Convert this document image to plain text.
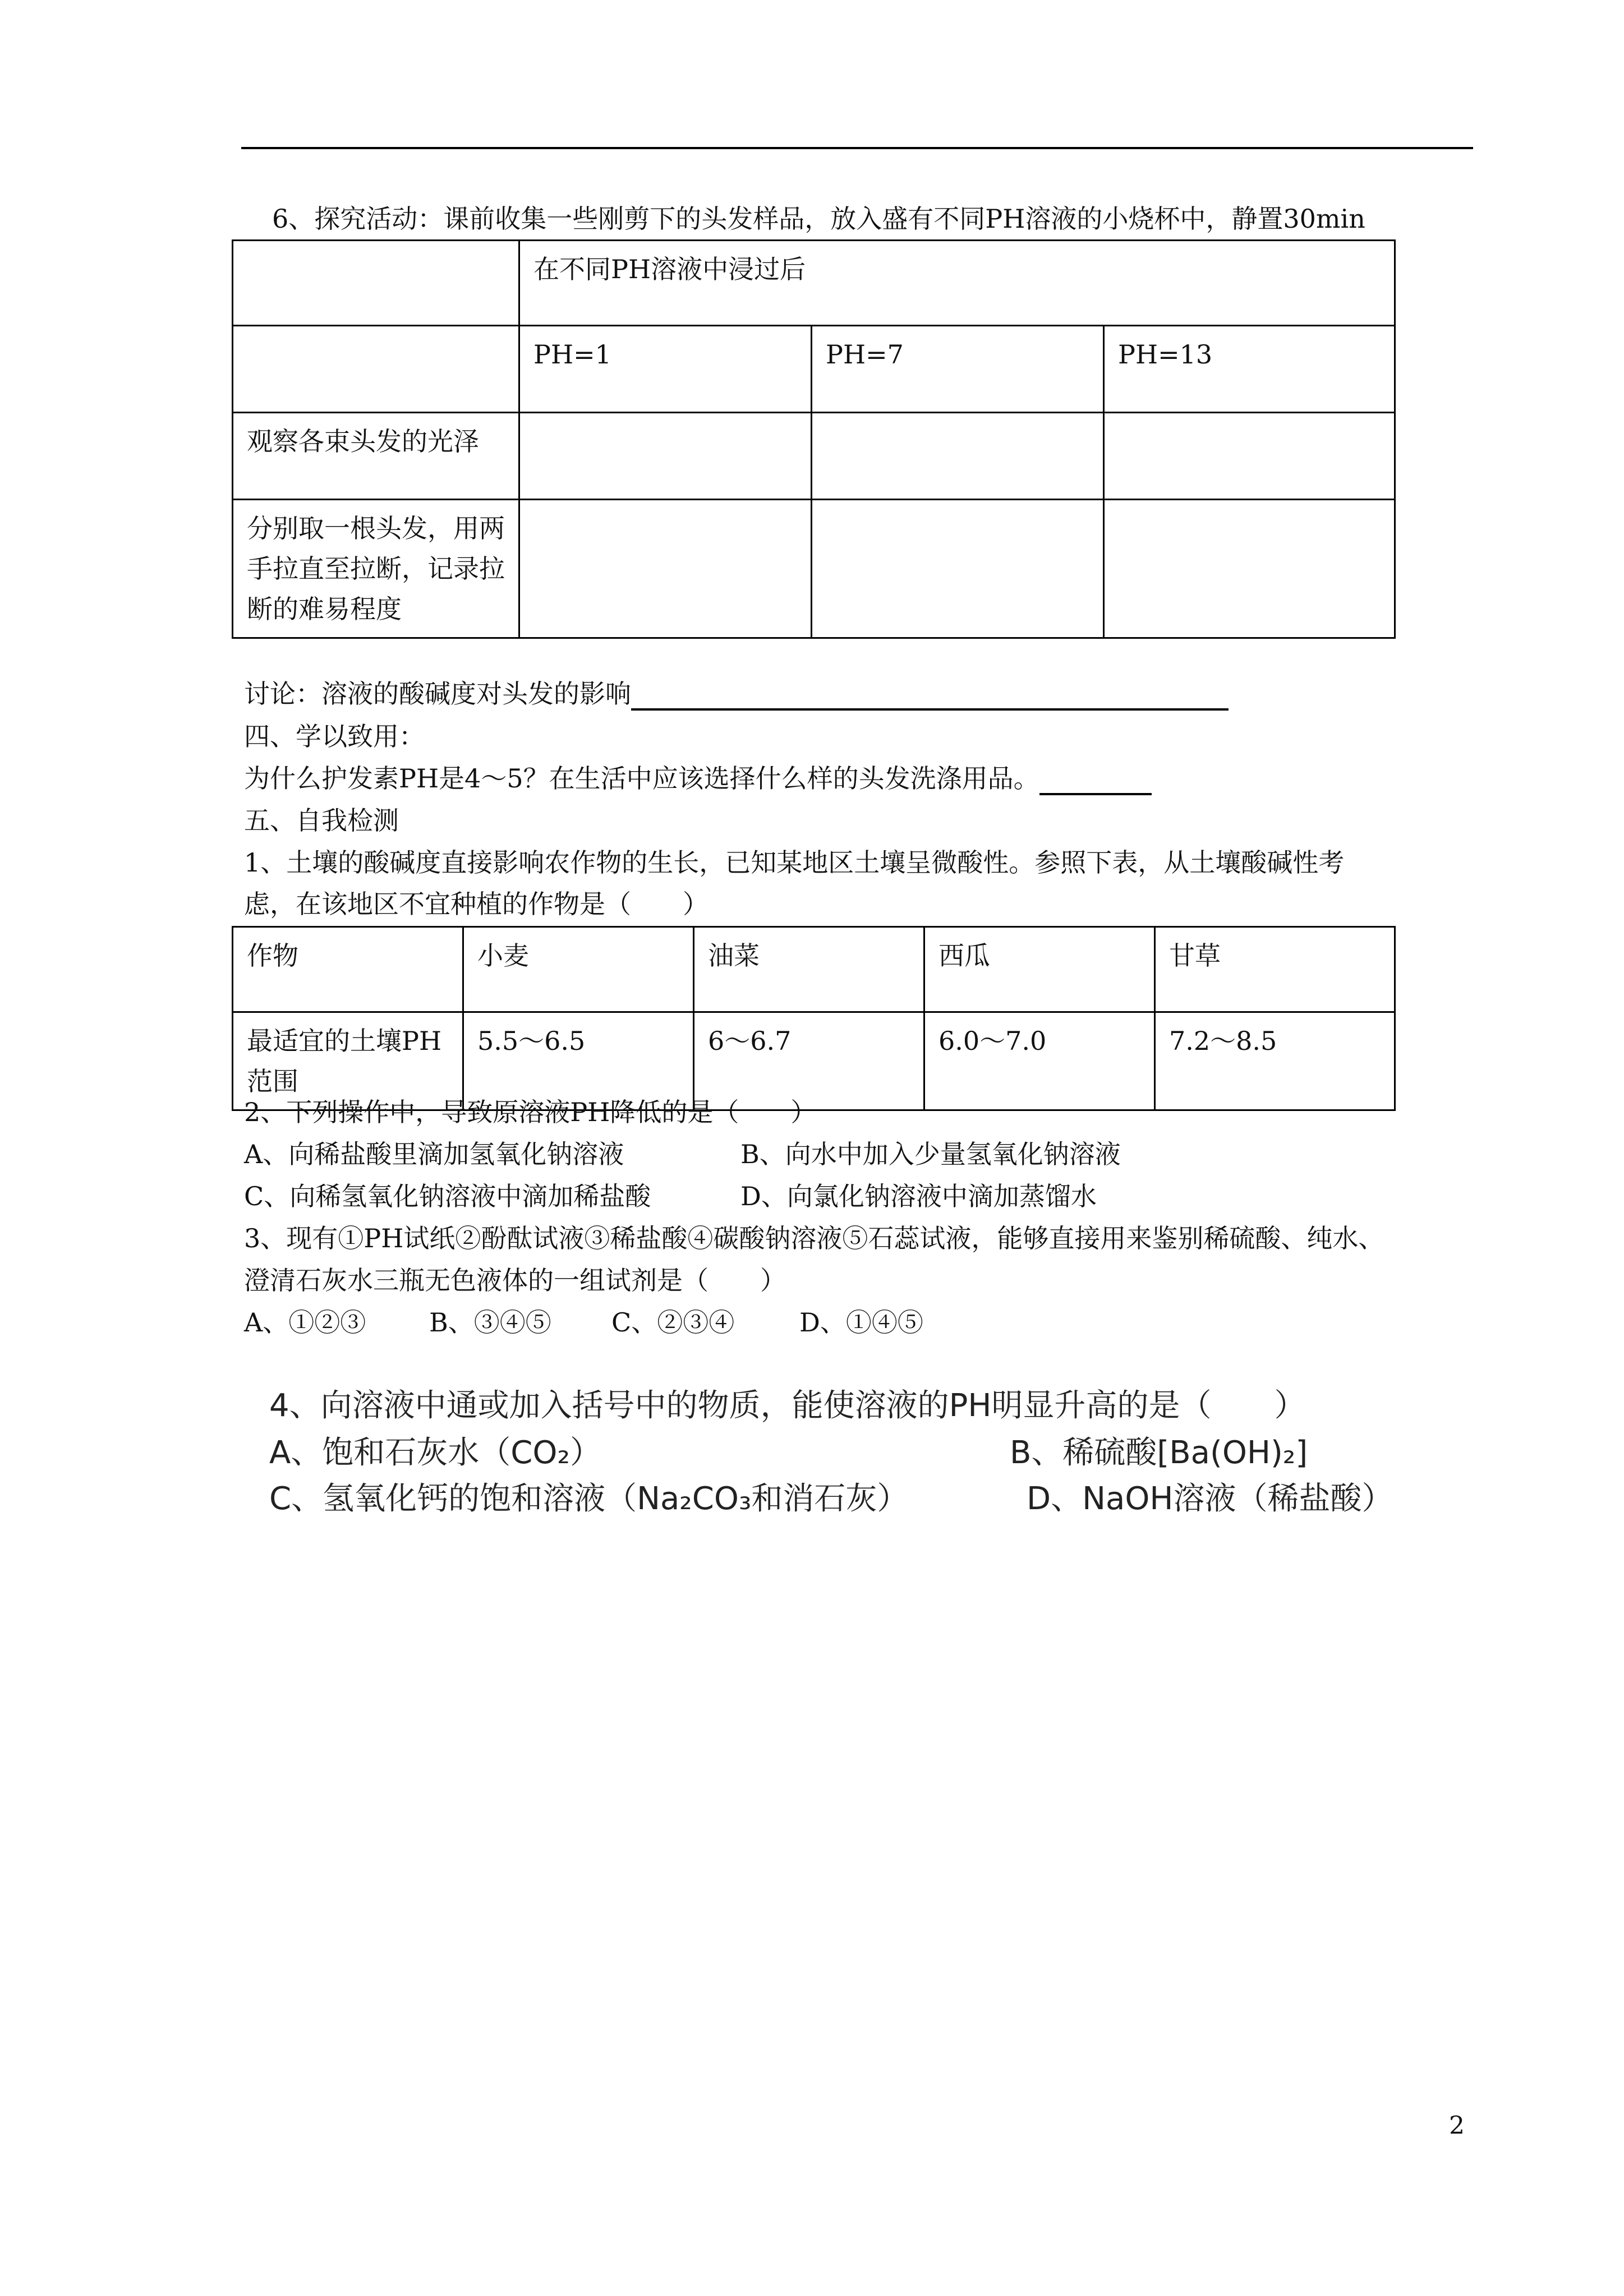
6、探究活动：课前收集一些刚剪下的头发样品，放入盛有不同PH溶液的小烧杯中，静置30min
	在不同PH溶液中浸过后		
	PH=1	PH=7	PH=13
观察各束头发的光泽			
分别取一根头发，用两手拉直至拉断，记录拉断的难易程度			
讨论：溶液的酸碱度对头发的影响
四、学以致用：
为什么护发素PH是4～5？在生活中应该选择什么样的头发洗涤用品。
五、自我检测
1、土壤的酸碱度直接影响农作物的生长，已知某地区土壤呈微酸性。参照下表，从土壤酸碱性考
虑，在该地区不宜种植的作物是（　　）
作物	小麦	油菜	西瓜	甘草
最适宜的土壤PH范围	5.5～6.5	6～6.7	6.0～7.0	7.2～8.5
2、下列操作中，导致原溶液PH降低的是（　　）
A、向稀盐酸里滴加氢氧化钠溶液	B、向水中加入少量氢氧化钠溶液
C、向稀氢氧化钠溶液中滴加稀盐酸	D、向氯化钠溶液中滴加蒸馏水
3、现有①PH试纸②酚酞试液③稀盐酸④碳酸钠溶液⑤石蕊试液，能够直接用来鉴别稀硫酸、纯水、
澄清石灰水三瓶无色液体的一组试剂是（　　）
A、①②③ B、③④⑤ C、②③④	D、①④⑤
4、向溶液中通或加入括号中的物质，能使溶液的PH明显升高的是（　　）
A、饱和石灰水（CO₂）	B、稀硫酸[Ba(OH)₂]
C、氢氧化钙的饱和溶液（Na₂CO₃和消石灰）	D、NaOH溶液（稀盐酸）
2
